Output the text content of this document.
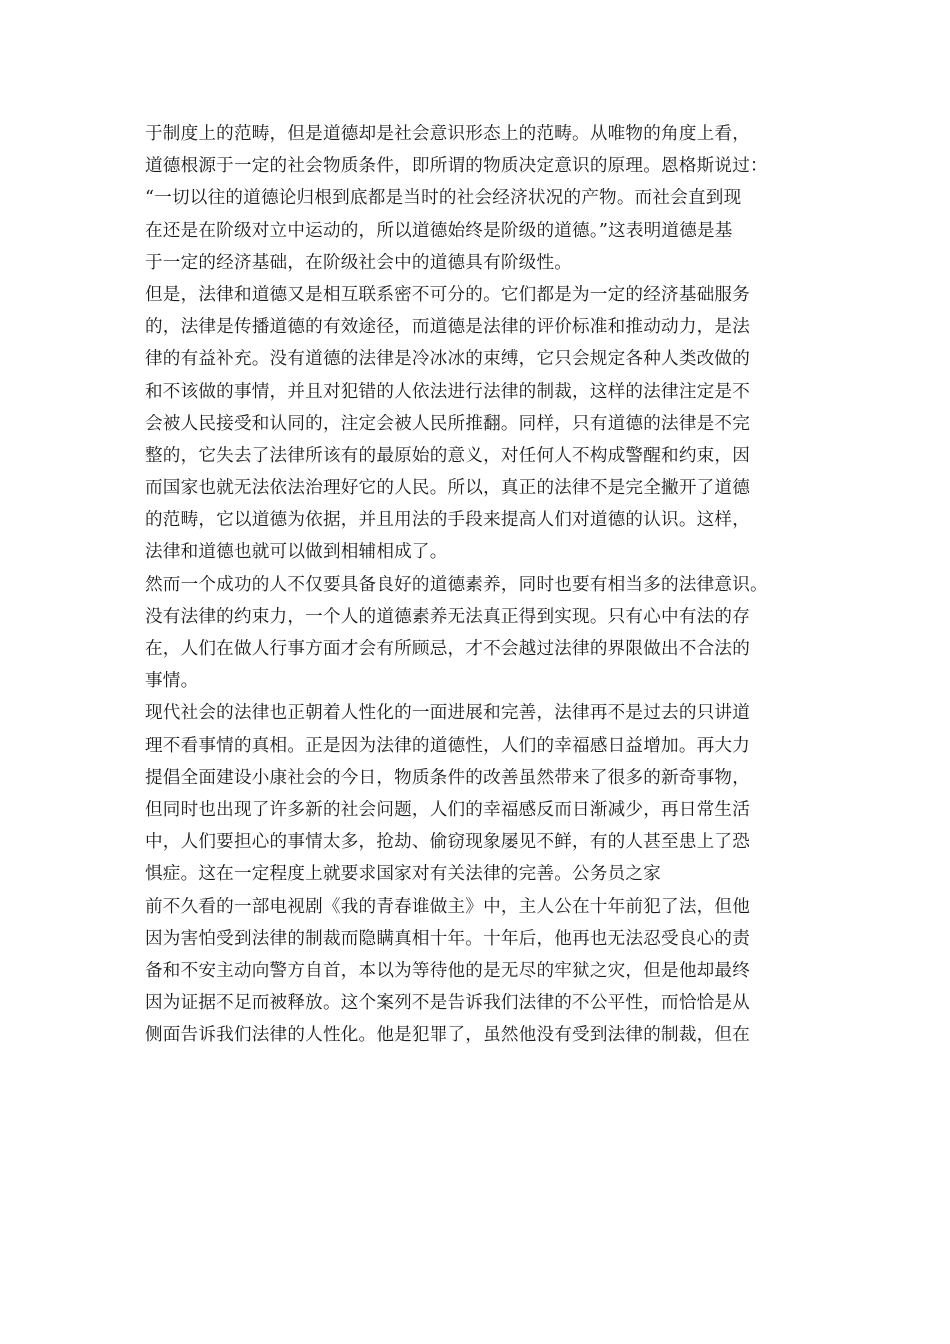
于制度上的范畴，但是道德却是社会意识形态上的范畴。从唯物的角度上看，
道德根源于一定的社会物质条件，即所谓的物质决定意识的原理。恩格斯说过：
“一切以往的道德论归根到底都是当时的社会经济状况的产物。而社会直到现
在还是在阶级对立中运动的，所以道德始终是阶级的道德。”这表明道德是基
于一定的经济基础，在阶级社会中的道德具有阶级性。
但是，法律和道德又是相互联系密不可分的。它们都是为一定的经济基础服务
的，法律是传播道德的有效途径，而道德是法律的评价标准和推动动力，是法
律的有益补充。没有道德的法律是冷冰冰的束缚，它只会规定各种人类改做的
和不该做的事情，并且对犯错的人依法进行法律的制裁，这样的法律注定是不
会被人民接受和认同的，注定会被人民所推翻。同样，只有道德的法律是不完
整的，它失去了法律所该有的最原始的意义，对任何人不构成警醒和约束，因
而国家也就无法依法治理好它的人民。所以，真正的法律不是完全撇开了道德
的范畴，它以道德为依据，并且用法的手段来提高人们对道德的认识。这样，
法律和道德也就可以做到相辅相成了。
然而一个成功的人不仅要具备良好的道德素养，同时也要有相当多的法律意识。
没有法律的约束力，一个人的道德素养无法真正得到实现。只有心中有法的存
在，人们在做人行事方面才会有所顾忌，才不会越过法律的界限做出不合法的
事情。
现代社会的法律也正朝着人性化的一面进展和完善，法律再不是过去的只讲道
理不看事情的真相。正是因为法律的道德性，人们的幸福感日益增加。再大力
提倡全面建设小康社会的今日，物质条件的改善虽然带来了很多的新奇事物，
但同时也出现了许多新的社会问题，人们的幸福感反而日渐减少，再日常生活
中，人们要担心的事情太多，抢劫、偷窃现象屡见不鲜，有的人甚至患上了恐
惧症。这在一定程度上就要求国家对有关法律的完善。公务员之家
前不久看的一部电视剧《我的青春谁做主》中，主人公在十年前犯了法，但他
因为害怕受到法律的制裁而隐瞒真相十年。十年后，他再也无法忍受良心的责
备和不安主动向警方自首，本以为等待他的是无尽的牢狱之灾，但是他却最终
因为证据不足而被释放。这个案列不是告诉我们法律的不公平性，而恰恰是从
侧面告诉我们法律的人性化。他是犯罪了，虽然他没有受到法律的制裁，但在
